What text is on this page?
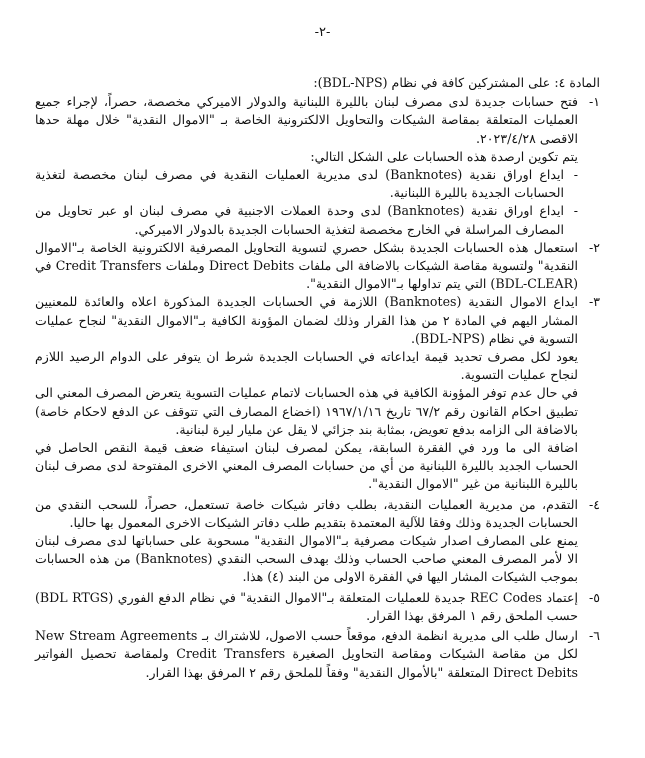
-٢-

المادة ٤: على المشتركين كافة في نظام (BDL-NPS):

١-

فتح حسابات جديدة لدى مصرف لبنان بالليرة اللبنانية والدولار الاميركي مخصصة، حصراً، لإجراء جميع العمليات المتعلقة بمقاصة الشيكات والتحاويل الالكترونية الخاصة بـ "الاموال النقدية" خلال مهلة حدها الاقصى ٢٠٢٣/٤/٢٨.

يتم تكوين ارصدة هذه الحسابات على الشكل التالي:

-
ايداع اوراق نقدية (Banknotes) لدى مديرية العمليات النقدية في مصرف لبنان مخصصة لتغذية الحسابات الجديدة بالليرة اللبنانية.
-
ايداع اوراق نقدية (Banknotes) لدى وحدة العملات الاجنبية في مصرف لبنان او عبر تحاويل من المصارف المراسلة في الخارج مخصصة لتغذية الحسابات الجديدة بالدولار الاميركي.
٢-

استعمال هذه الحسابات الجديدة بشكل حصري لتسوية التحاويل المصرفية الالكترونية الخاصة بـ"الاموال النقدية" ولتسوية مقاصة الشيكات بالاضافة الى ملفات Direct Debits وملفات Credit Transfers في (BDL-CLEAR) التي يتم تداولها بـ"الاموال النقدية".

٣-

ايداع الاموال النقدية (Banknotes) اللازمة في الحسابات الجديدة المذكورة اعلاه والعائدة للمعنيين المشار اليهم في المادة ٢ من هذا القرار وذلك لضمان المؤونة الكافية بـ"الاموال النقدية" لنجاح عمليات التسوية في نظام (BDL-NPS).

يعود لكل مصرف تحديد قيمة ايداعاته في الحسابات الجديدة شرط ان يتوفر على الدوام الرصيد اللازم لنجاح عمليات التسوية.

في حال عدم توفر المؤونة الكافية في هذه الحسابات لاتمام عمليات التسوية يتعرض المصرف المعني الى تطبيق احكام القانون رقم ٦٧/٢ تاريخ ١٩٦٧/١/١٦ (اخضاع المصارف التي تتوقف عن الدفع لاحكام خاصة) بالاضافة الى الزامه بدفع تعويض، بمثابة بند جزائي لا يقل عن مليار ليرة لبنانية.

اضافة الى ما ورد في الفقرة السابقة، يمكن لمصرف لبنان استيفاء ضعف قيمة النقص الحاصل في الحساب الجديد بالليرة اللبنانية من أي من حسابات المصرف المعني الاخرى المفتوحة لدى مصرف لبنان بالليرة اللبنانية من غير "الاموال النقدية".

٤-

التقدم، من مديرية العمليات النقدية، بطلب دفاتر شيكات خاصة تستعمل، حصراً، للسحب النقدي من الحسابات الجديدة وذلك وفقا للآلية المعتمدة بتقديم طلب دفاتر الشيكات الاخرى المعمول بها حاليا.

يمنع على المصارف اصدار شيكات مصرفية بـ"الاموال النقدية" مسحوبة على حساباتها لدى مصرف لبنان الا لأمر المصرف المعني صاحب الحساب وذلك بهدف السحب النقدي (Banknotes) من هذه الحسابات بموجب الشيكات المشار اليها في الفقرة الاولى من البند (٤) هذا.

٥-

إعتماد REC Codes جديدة للعمليات المتعلقة بـ"الاموال النقدية" في نظام الدفع الفوري (BDL RTGS) حسب الملحق رقم ١ المرفق بهذا القرار.

٦-

ارسال طلب الى مديرية انظمة الدفع، موقعاً حسب الاصول، للاشتراك بـ New Stream Agreements لكل من مقاصة الشيكات ومقاصة التحاويل الصغيرة Credit Transfers ولمقاصة تحصيل الفواتير Direct Debits المتعلقة "بالأموال النقدية" وفقاً للملحق رقم ٢ المرفق بهذا القرار.
